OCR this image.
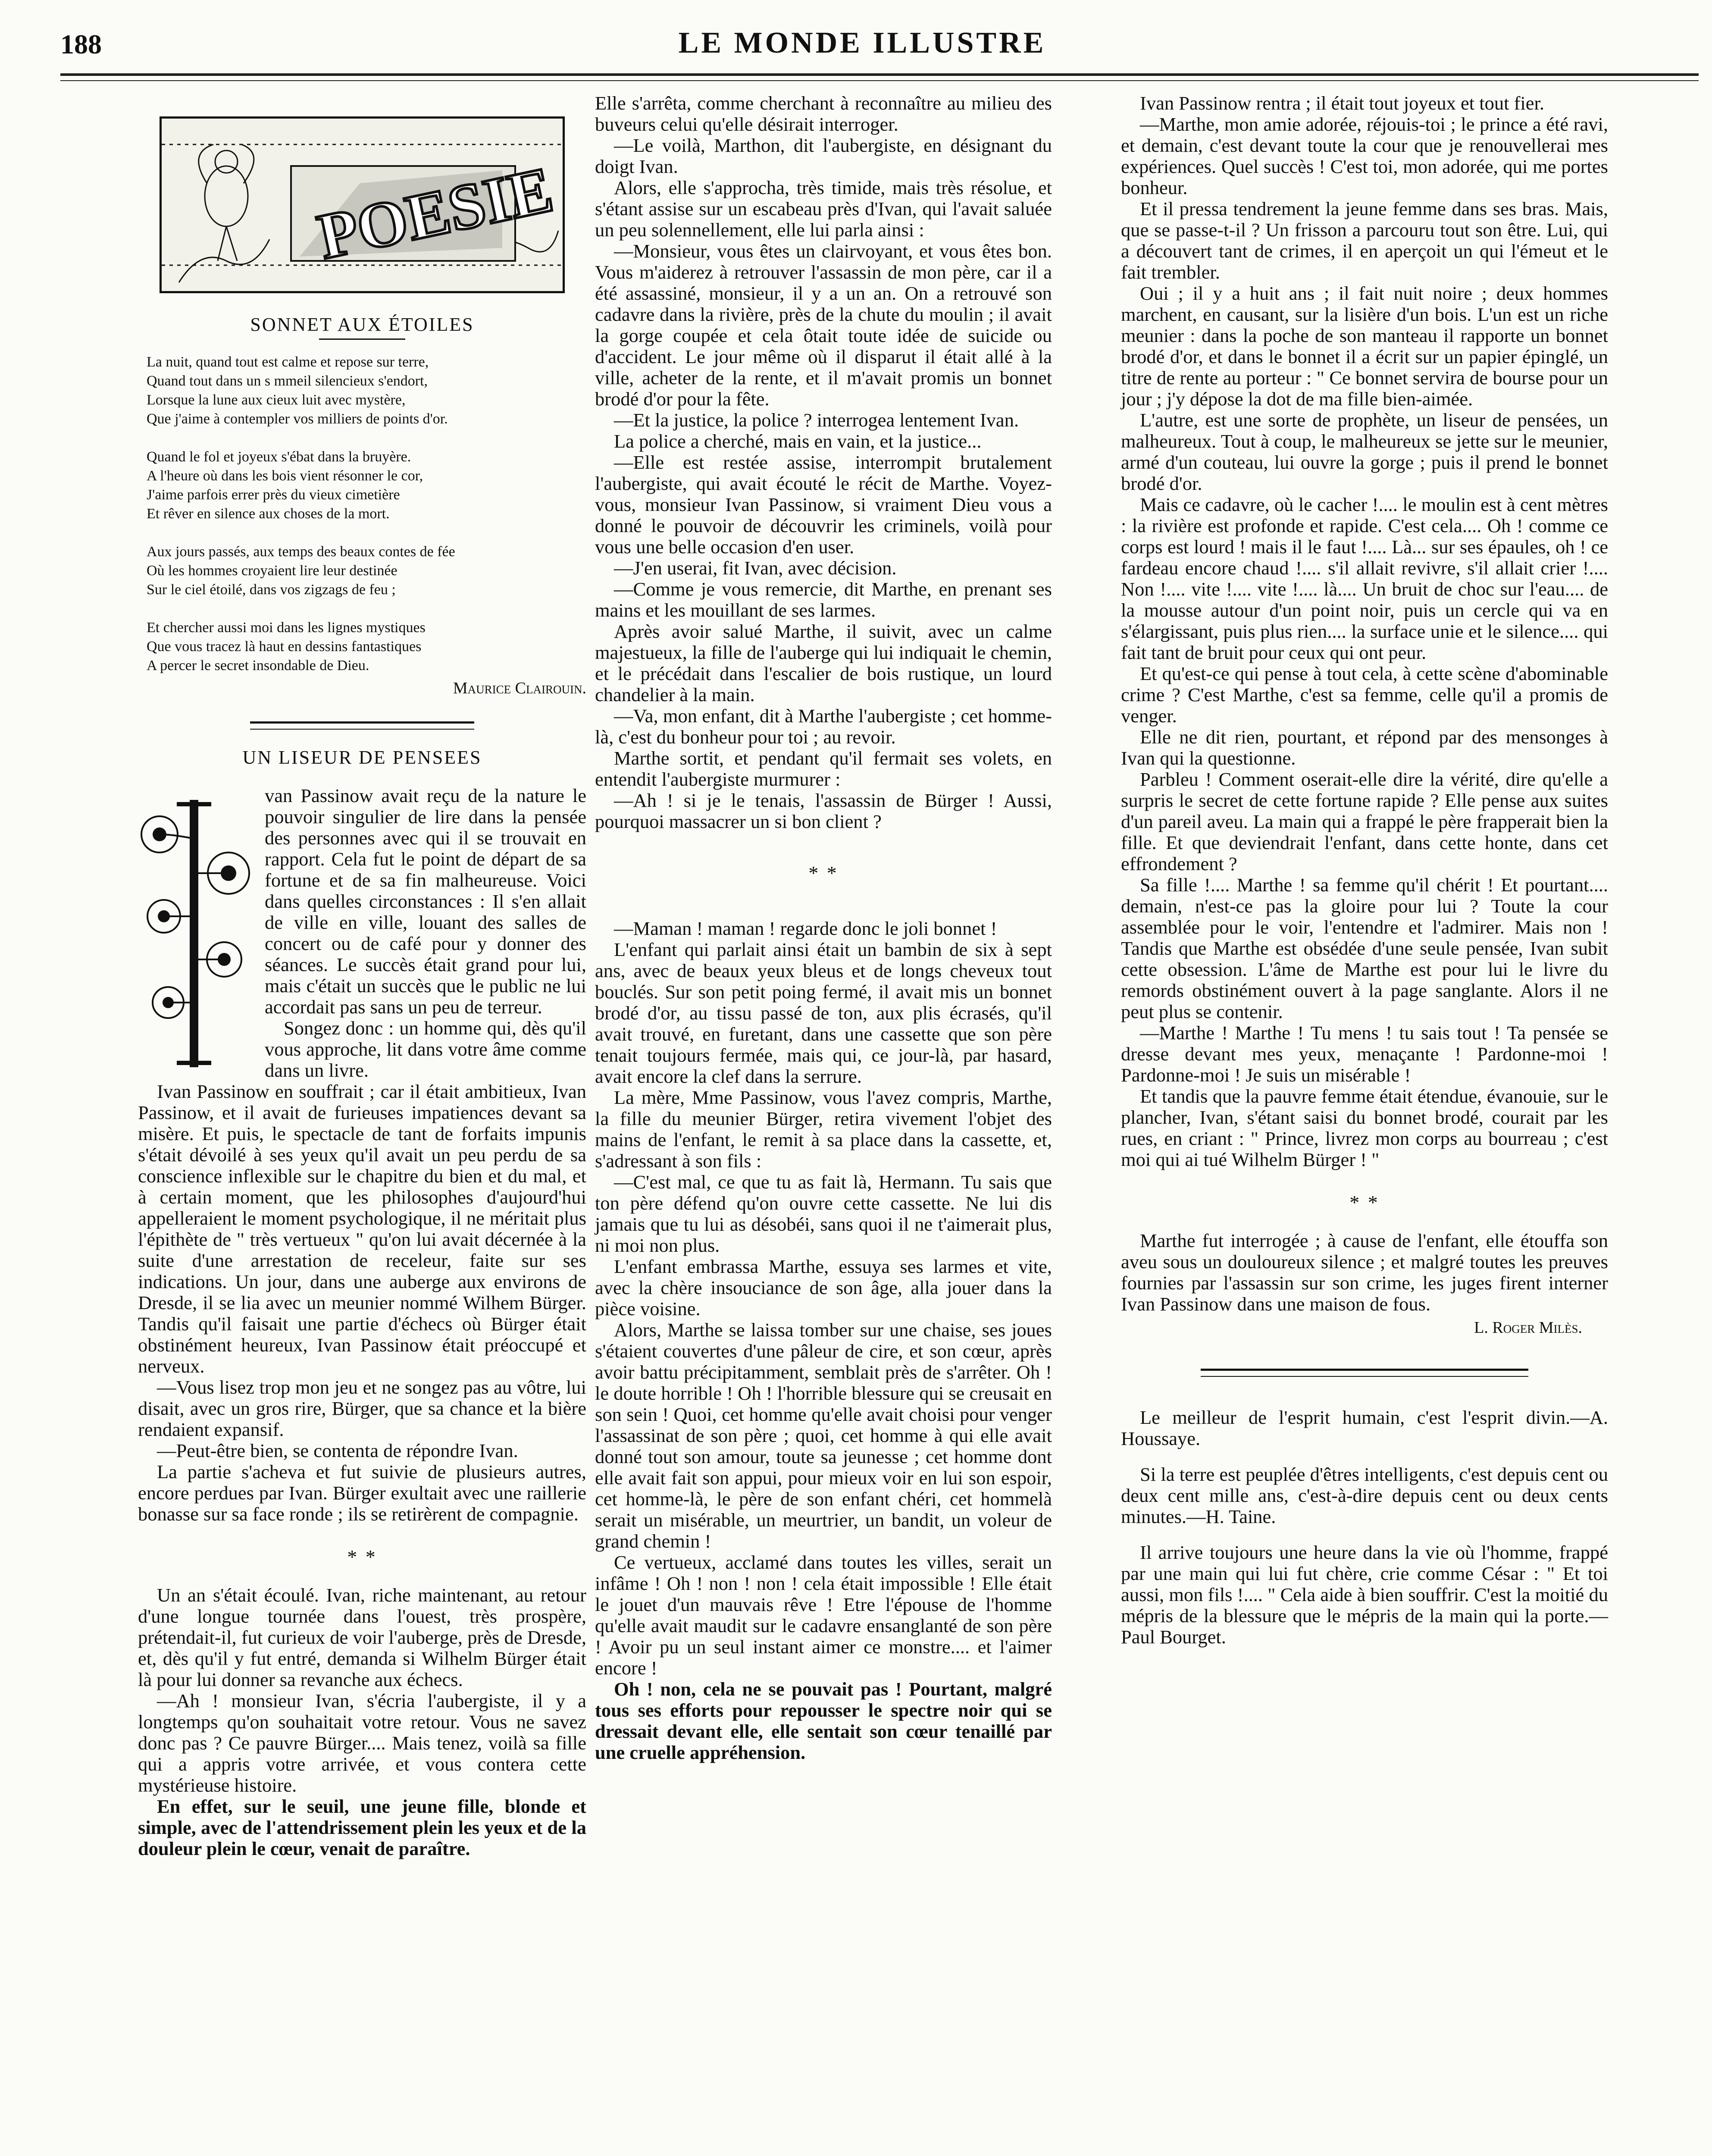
188	LE MONDE ILLUSTRE
POESIE
SONNET AUX ÉTOILES
La nuit, quand tout est calme et repose sur terre,
Quand tout dans un s mmeil silencieux s'endort,
Lorsque la lune aux cieux luit avec mystère,
Que j'aime à contempler vos milliers de points d'or.
Quand le fol et joyeux s'ébat dans la bruyère.
A l'heure où dans les bois vient résonner le cor,
J'aime parfois errer près du vieux cimetière
Et rêver en silence aux choses de la mort.
Aux jours passés, aux temps des beaux contes de fée
Où les hommes croyaient lire leur destinée
Sur le ciel étoilé, dans vos zigzags de feu ;
Et chercher aussi moi dans les lignes mystiques
Que vous tracez là haut en dessins fantastiques
A percer le secret insondable de Dieu.
Maurice Clairouin.
UN LISEUR DE PENSEES

van Passinow avait reçu de la nature le pouvoir singulier de lire dans la pensée des personnes avec qui il se trouvait en rapport. Cela fut le point de départ de sa fortune et de sa fin malheureuse. Voici dans quelles circonstances : Il s'en allait de ville en ville, louant des salles de concert ou de café pour y donner des séances. Le succès était grand pour lui, mais c'était un succès que le public ne lui accordait pas sans un peu de terreur.

Songez donc : un homme qui, dès qu'il vous approche, lit dans votre âme comme dans un livre.

Ivan Passinow en souffrait ; car il était ambitieux, Ivan Passinow, et il avait de furieuses impatiences devant sa misère. Et puis, le spectacle de tant de forfaits impunis s'était dévoilé à ses yeux qu'il avait un peu perdu de sa conscience inflexible sur le chapitre du bien et du mal, et à certain moment, que les philosophes d'aujourd'hui appelleraient le moment psychologique, il ne méritait plus l'épithète de " très vertueux " qu'on lui avait décernée à la suite d'une arrestation de receleur, faite sur ses indications. Un jour, dans une auberge aux environs de Dresde, il se lia avec un meunier nommé Wilhem Bürger. Tandis qu'il faisait une partie d'échecs où Bürger était obstinément heureux, Ivan Passinow était préoccupé et nerveux.

—Vous lisez trop mon jeu et ne songez pas au vôtre, lui disait, avec un gros rire, Bürger, que sa chance et la bière rendaient expansif.

—Peut-être bien, se contenta de répondre Ivan.

La partie s'acheva et fut suivie de plusieurs autres, encore perdues par Ivan. Bürger exultait avec une raillerie bonasse sur sa face ronde ; ils se retirèrent de compagnie.

* *

Un an s'était écoulé. Ivan, riche maintenant, au retour d'une longue tournée dans l'ouest, très prospère, prétendait-il, fut curieux de voir l'auberge, près de Dresde, et, dès qu'il y fut entré, demanda si Wilhelm Bürger était là pour lui donner sa revanche aux échecs.

—Ah ! monsieur Ivan, s'écria l'aubergiste, il y a longtemps qu'on souhaitait votre retour. Vous ne savez donc pas ? Ce pauvre Bürger.... Mais tenez, voilà sa fille qui a appris votre arrivée, et vous contera cette mystérieuse histoire.

En effet, sur le seuil, une jeune fille, blonde et simple, avec de l'attendrissement plein les yeux et de la douleur plein le cœur, venait de paraître.

Elle s'arrêta, comme cherchant à reconnaître au milieu des buveurs celui qu'elle désirait interroger.

—Le voilà, Marthon, dit l'aubergiste, en désignant du doigt Ivan.

Alors, elle s'approcha, très timide, mais très résolue, et s'étant assise sur un escabeau près d'Ivan, qui l'avait saluée un peu solennellement, elle lui parla ainsi :

—Monsieur, vous êtes un clairvoyant, et vous êtes bon. Vous m'aiderez à retrouver l'assassin de mon père, car il a été assassiné, monsieur, il y a un an. On a retrouvé son cadavre dans la rivière, près de la chute du moulin ; il avait la gorge coupée et cela ôtait toute idée de suicide ou d'accident. Le jour même où il disparut il était allé à la ville, acheter de la rente, et il m'avait promis un bonnet brodé d'or pour la fête.

—Et la justice, la police ? interrogea lentement Ivan.

La police a cherché, mais en vain, et la justice...

—Elle est restée assise, interrompit brutalement l'aubergiste, qui avait écouté le récit de Marthe. Voyez-vous, monsieur Ivan Passinow, si vraiment Dieu vous a donné le pouvoir de découvrir les criminels, voilà pour vous une belle occasion d'en user.

—J'en userai, fit Ivan, avec décision.

—Comme je vous remercie, dit Marthe, en prenant ses mains et les mouillant de ses larmes.

Après avoir salué Marthe, il suivit, avec un calme majestueux, la fille de l'auberge qui lui indiquait le chemin, et le précédait dans l'escalier de bois rustique, un lourd chandelier à la main.

—Va, mon enfant, dit à Marthe l'aubergiste ; cet homme-là, c'est du bonheur pour toi ; au revoir.

Marthe sortit, et pendant qu'il fermait ses volets, en entendit l'aubergiste murmurer :

—Ah ! si je le tenais, l'assassin de Bürger ! Aussi, pourquoi massacrer un si bon client ?

* *

—Maman ! maman ! regarde donc le joli bonnet !

L'enfant qui parlait ainsi était un bambin de six à sept ans, avec de beaux yeux bleus et de longs cheveux tout bouclés. Sur son petit poing fermé, il avait mis un bonnet brodé d'or, au tissu passé de ton, aux plis écrasés, qu'il avait trouvé, en furetant, dans une cassette que son père tenait toujours fermée, mais qui, ce jour-là, par hasard, avait encore la clef dans la serrure.

La mère, Mme Passinow, vous l'avez compris, Marthe, la fille du meunier Bürger, retira vivement l'objet des mains de l'enfant, le remit à sa place dans la cassette, et, s'adressant à son fils :

—C'est mal, ce que tu as fait là, Hermann. Tu sais que ton père défend qu'on ouvre cette cassette. Ne lui dis jamais que tu lui as désobéi, sans quoi il ne t'aimerait plus, ni moi non plus.

L'enfant embrassa Marthe, essuya ses larmes et vite, avec la chère insouciance de son âge, alla jouer dans la pièce voisine.

Alors, Marthe se laissa tomber sur une chaise, ses joues s'étaient couvertes d'une pâleur de cire, et son cœur, après avoir battu précipitamment, semblait près de s'arrêter. Oh ! le doute horrible ! Oh ! l'horrible blessure qui se creusait en son sein ! Quoi, cet homme qu'elle avait choisi pour venger l'assassinat de son père ; quoi, cet homme à qui elle avait donné tout son amour, toute sa jeunesse ; cet homme dont elle avait fait son appui, pour mieux voir en lui son espoir, cet homme-là, le père de son enfant chéri, cet hommelà serait un misérable, un meurtrier, un bandit, un voleur de grand chemin !

Ce vertueux, acclamé dans toutes les villes, serait un infâme ! Oh ! non ! non ! cela était impossible ! Elle était le jouet d'un mauvais rêve ! Etre l'épouse de l'homme qu'elle avait maudit sur le cadavre ensanglanté de son père ! Avoir pu un seul instant aimer ce monstre.... et l'aimer encore !

Oh ! non, cela ne se pouvait pas ! Pourtant, malgré tous ses efforts pour repousser le spectre noir qui se dressait devant elle, elle sentait son cœur tenaillé par une cruelle appréhension.

Ivan Passinow rentra ; il était tout joyeux et tout fier.

—Marthe, mon amie adorée, réjouis-toi ; le prince a été ravi, et demain, c'est devant toute la cour que je renouvellerai mes expériences. Quel succès ! C'est toi, mon adorée, qui me portes bonheur.

Et il pressa tendrement la jeune femme dans ses bras. Mais, que se passe-t-il ? Un frisson a parcouru tout son être. Lui, qui a découvert tant de crimes, il en aperçoit un qui l'émeut et le fait trembler.

Oui ; il y a huit ans ; il fait nuit noire ; deux hommes marchent, en causant, sur la lisière d'un bois. L'un est un riche meunier : dans la poche de son manteau il rapporte un bonnet brodé d'or, et dans le bonnet il a écrit sur un papier épinglé, un titre de rente au porteur : " Ce bonnet servira de bourse pour un jour ; j'y dépose la dot de ma fille bien-aimée.

L'autre, est une sorte de prophète, un liseur de pensées, un malheureux. Tout à coup, le malheureux se jette sur le meunier, armé d'un couteau, lui ouvre la gorge ; puis il prend le bonnet brodé d'or.

Mais ce cadavre, où le cacher !.... le moulin est à cent mètres : la rivière est profonde et rapide. C'est cela.... Oh ! comme ce corps est lourd ! mais il le faut !.... Là... sur ses épaules, oh ! ce fardeau encore chaud !.... s'il allait revivre, s'il allait crier !.... Non !.... vite !.... vite !.... là.... Un bruit de choc sur l'eau.... de la mousse autour d'un point noir, puis un cercle qui va en s'élargissant, puis plus rien.... la surface unie et le silence.... qui fait tant de bruit pour ceux qui ont peur.

Et qu'est-ce qui pense à tout cela, à cette scène d'abominable crime ? C'est Marthe, c'est sa femme, celle qu'il a promis de venger.

Elle ne dit rien, pourtant, et répond par des mensonges à Ivan qui la questionne.

Parbleu ! Comment oserait-elle dire la vérité, dire qu'elle a surpris le secret de cette fortune rapide ? Elle pense aux suites d'un pareil aveu. La main qui a frappé le père frapperait bien la fille. Et que deviendrait l'enfant, dans cette honte, dans cet effrondement ?

Sa fille !.... Marthe ! sa femme qu'il chérit ! Et pourtant.... demain, n'est-ce pas la gloire pour lui ? Toute la cour assemblée pour le voir, l'entendre et l'admirer. Mais non ! Tandis que Marthe est obsédée d'une seule pensée, Ivan subit cette obsession. L'âme de Marthe est pour lui le livre du remords obstinément ouvert à la page sanglante. Alors il ne peut plus se contenir.

—Marthe ! Marthe ! Tu mens ! tu sais tout ! Ta pensée se dresse devant mes yeux, menaçante ! Pardonne-moi ! Pardonne-moi ! Je suis un misérable !

Et tandis que la pauvre femme était étendue, évanouie, sur le plancher, Ivan, s'étant saisi du bonnet brodé, courait par les rues, en criant : " Prince, livrez mon corps au bourreau ; c'est moi qui ai tué Wilhelm Bürger ! "

* *

Marthe fut interrogée ; à cause de l'enfant, elle étouffa son aveu sous un douloureux silence ; et malgré toutes les preuves fournies par l'assassin sur son crime, les juges firent interner Ivan Passinow dans une maison de fous.

L. Roger Milès.

Le meilleur de l'esprit humain, c'est l'esprit divin.—A. Houssaye.

Si la terre est peuplée d'êtres intelligents, c'est depuis cent ou deux cent mille ans, c'est-à-dire depuis cent ou deux cents minutes.—H. Taine.

Il arrive toujours une heure dans la vie où l'homme, frappé par une main qui lui fut chère, crie comme César : " Et toi aussi, mon fils !.... " Cela aide à bien souffrir. C'est la moitié du mépris de la blessure que le mépris de la main qui la porte.—Paul Bourget.
